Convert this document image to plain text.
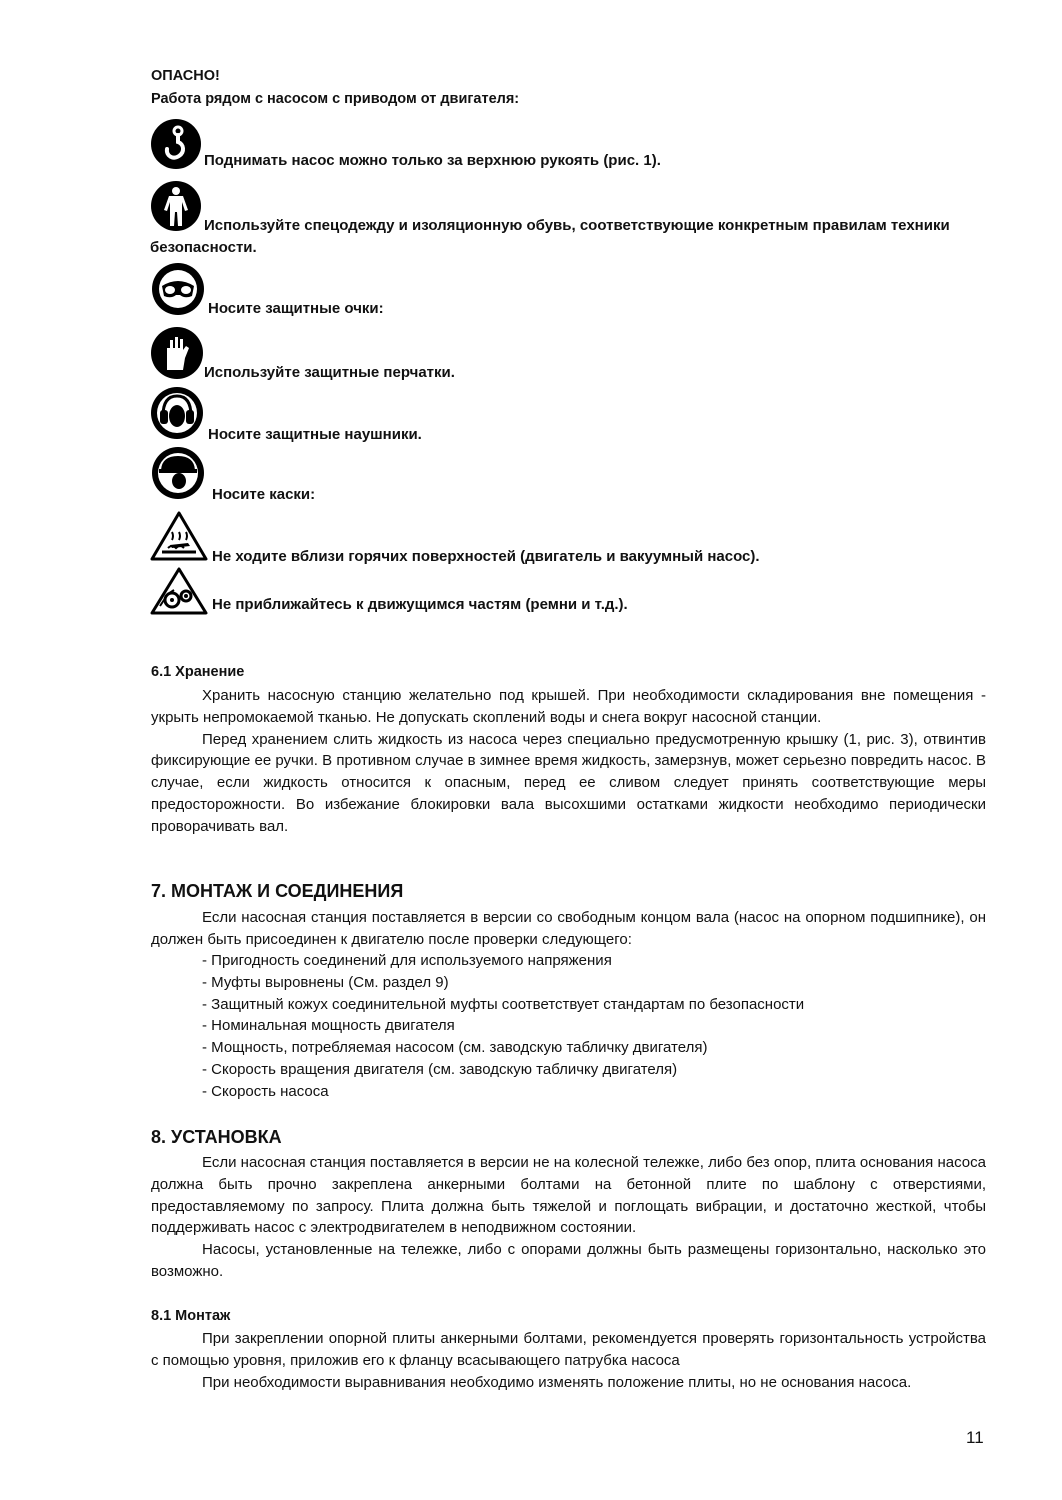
ОПАСНО!
Работа рядом с насосом с приводом от двигателя:
Поднимать насос можно только за верхнюю рукоять (рис. 1).
Используйте спецодежду и изоляционную обувь, соответствующие конкретным правилам техники безопасности.
Носите защитные очки:
Используйте защитные перчатки.
Носите защитные наушники.
Носите каски:
Не ходите вблизи горячих поверхностей (двигатель и вакуумный насос).
Не приближайтесь к движущимся частям (ремни и т.д.).
6.1 Хранение

Хранить насосную станцию желательно под крышей. При необходимости складирования вне помещения - укрыть непромокаемой тканью. Не допускать скоплений воды и снега вокруг насосной станции.

Перед хранением слить жидкость из насоса через специально предусмотренную крышку (1, рис. 3), отвинтив фиксирующие ее ручки. В противном случае в зимнее время жидкость, замерзнув, может серьезно повредить насос. В случае, если жидкость относится к опасным, перед ее сливом следует принять соответствующие меры предосторожности. Во избежание блокировки вала высохшими остатками жидкости необходимо периодически проворачивать вал.

7. МОНТАЖ И СОЕДИНЕНИЯ

Если насосная станция поставляется в версии со свободным концом вала (насос на опорном подшипнике), он должен быть присоединен к двигателю после проверки следующего:

- Пригодность соединений для используемого напряжения
- Муфты выровнены (См. раздел 9)
- Защитный кожух соединительной муфты соответствует стандартам по безопасности
- Номинальная мощность двигателя
- Мощность, потребляемая насосом (см. заводскую табличку двигателя)
- Скорость вращения двигателя (см. заводскую табличку двигателя)
- Скорость насоса
8. УСТАНОВКА

Если насосная станция поставляется в версии не на колесной тележке, либо без опор, плита основания насоса должна быть прочно закреплена анкерными болтами на бетонной плите по шаблону с отверстиями, предоставляемому по запросу. Плита должна быть тяжелой и поглощать вибрации, и достаточно жесткой, чтобы поддерживать насос с электродвигателем в неподвижном состоянии.

Насосы, установленные на тележке, либо с опорами должны быть размещены горизонтально, насколько это возможно.

8.1 Монтаж

При закреплении опорной плиты анкерными болтами, рекомендуется проверять горизонтальность устройства с помощью уровня, приложив его к фланцу всасывающего патрубка насоса

При необходимости выравнивания необходимо изменять положение плиты, но не основания насоса.

11
